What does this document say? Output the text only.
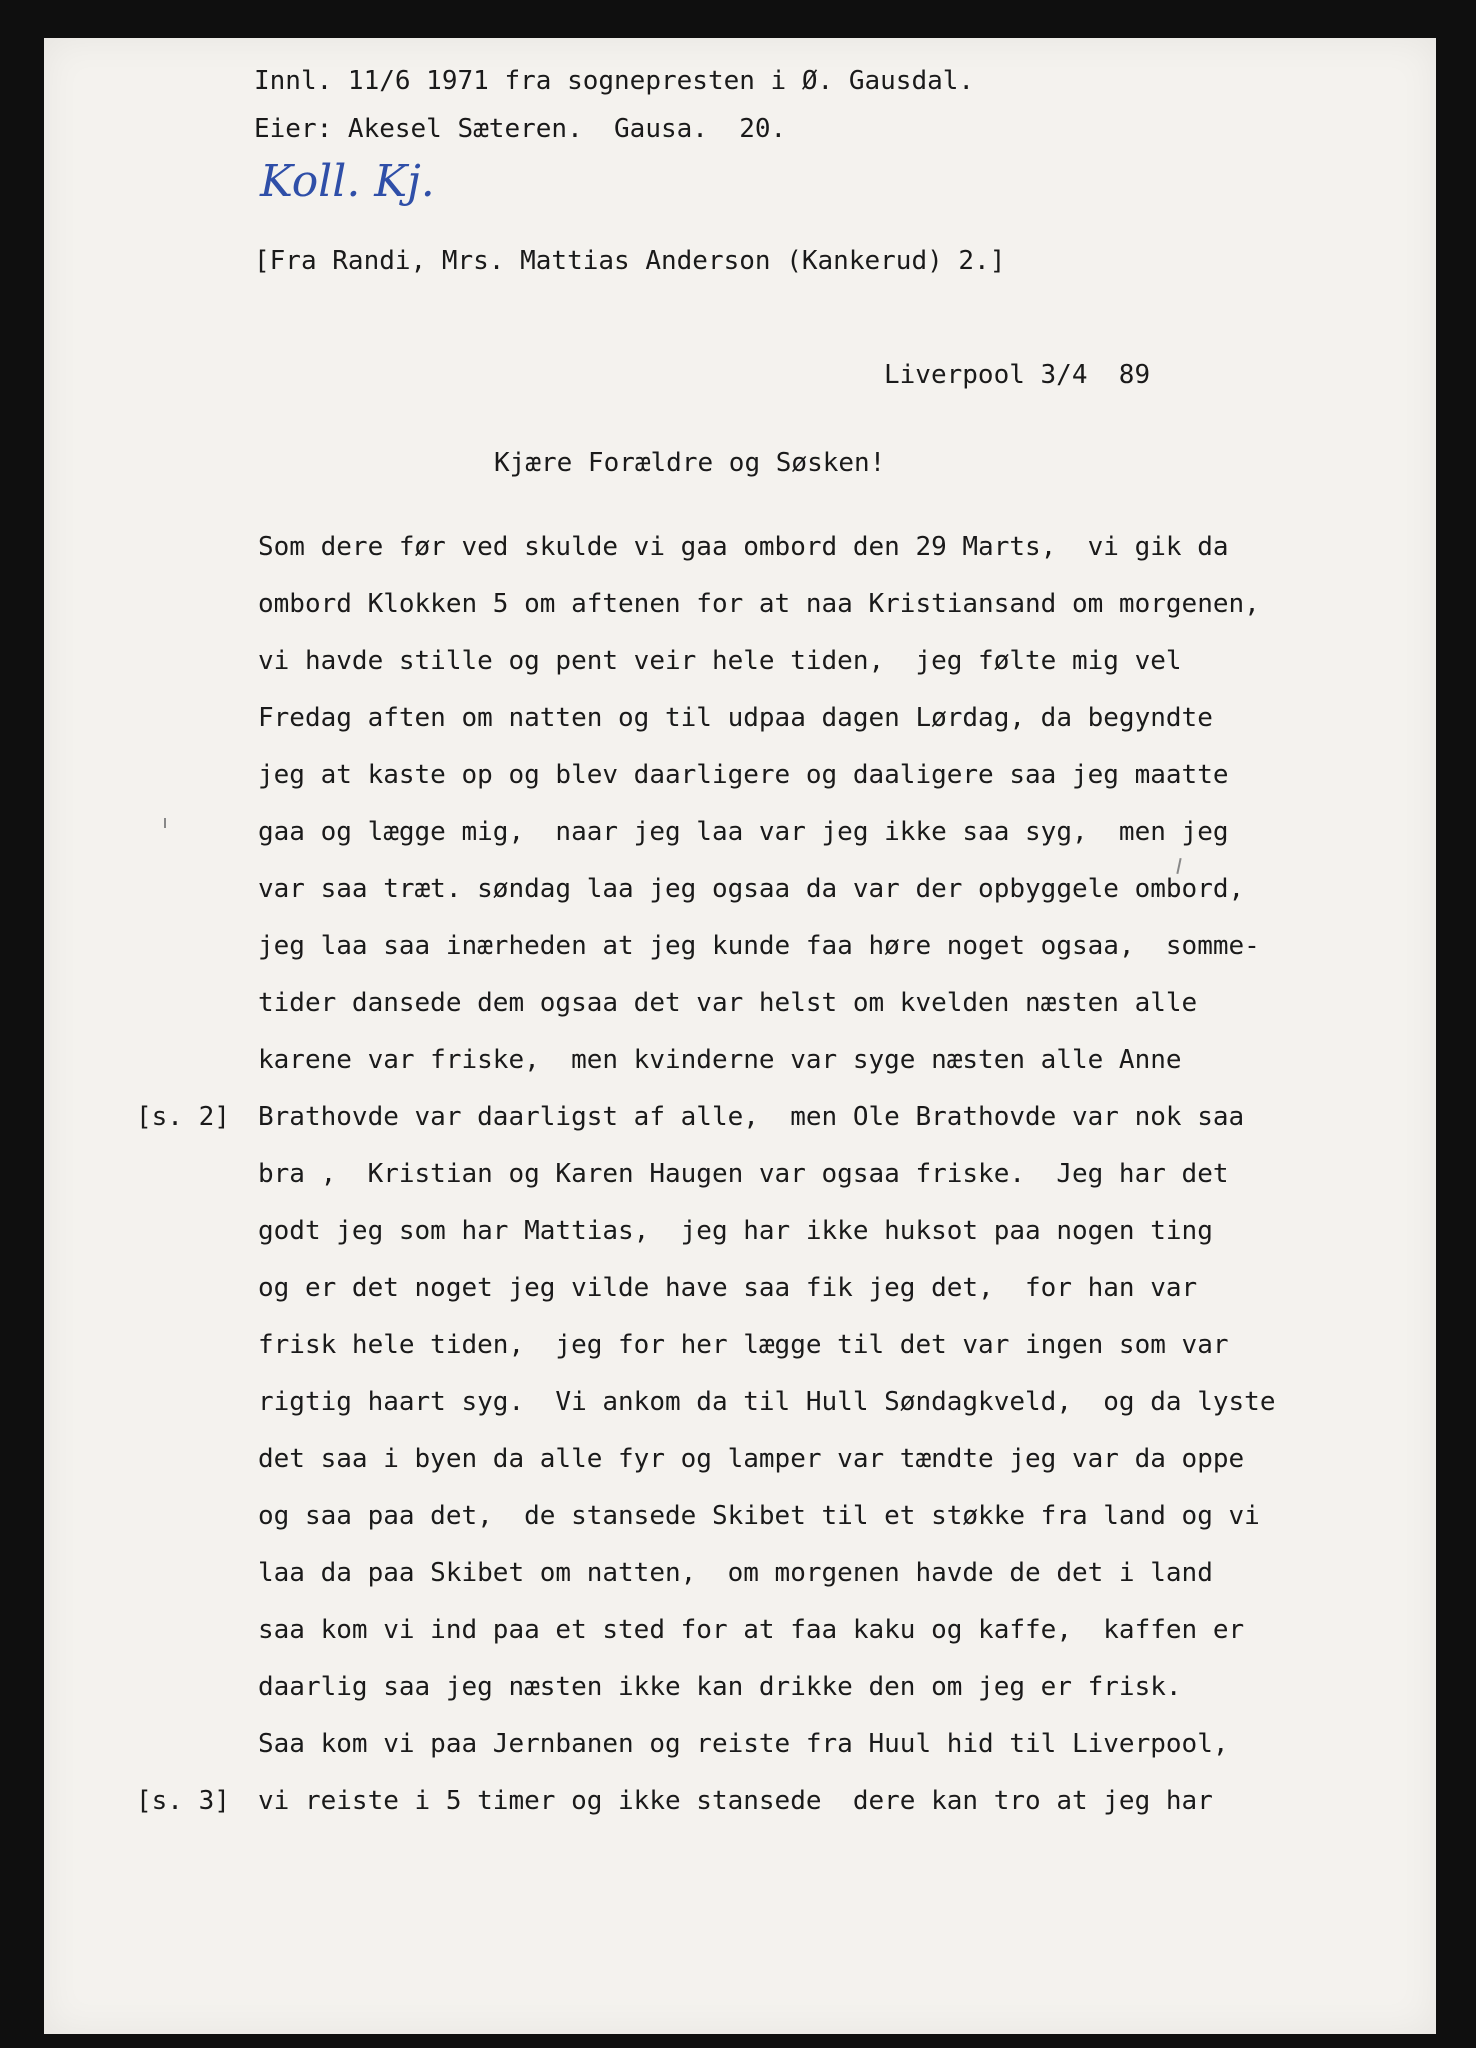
Innl. 11/6 1971 fra sognepresten i Ø. Gausdal.
Eier: Akesel Sæteren.  Gausa.  20.
Koll. Kj.
[Fra Randi, Mrs. Mattias Anderson (Kankerud) 2.]
Liverpool 3/4  89
Kjære Forældre og Søsken!

Som dere før ved skulde vi gaa ombord den 29 Marts,  vi gik da

ombord Klokken 5 om aftenen for at naa Kristiansand om morgenen,

vi havde stille og pent veir hele tiden,  jeg følte mig vel

Fredag aften om natten og til udpaa dagen Lørdag, da begyndte

jeg at kaste op og blev daarligere og daaligere saa jeg maatte

gaa og lægge mig,  naar jeg laa var jeg ikke saa syg,  men jeg

var saa træt. søndag laa jeg ogsaa da var der opbyggele ombord,

jeg laa saa inærheden at jeg kunde faa høre noget ogsaa,  somme-

tider dansede dem ogsaa det var helst om kvelden næsten alle

karene var friske,  men kvinderne var syge næsten alle Anne

Brathovde var daarligst af alle,  men Ole Brathovde var nok saa

bra ,  Kristian og Karen Haugen var ogsaa friske.  Jeg har det

godt jeg som har Mattias,  jeg har ikke huksot paa nogen ting

og er det noget jeg vilde have saa fik jeg det,  for han var

frisk hele tiden,  jeg for her lægge til det var ingen som var

rigtig haart syg.  Vi ankom da til Hull Søndagkveld,  og da lyste

det saa i byen da alle fyr og lamper var tændte jeg var da oppe

og saa paa det,  de stansede Skibet til et støkke fra land og vi

laa da paa Skibet om natten,  om morgenen havde de det i land

saa kom vi ind paa et sted for at faa kaku og kaffe,  kaffen er

daarlig saa jeg næsten ikke kan drikke den om jeg er frisk.

Saa kom vi paa Jernbanen og reiste fra Huul hid til Liverpool,

vi reiste i 5 timer og ikke stansede  dere kan tro at jeg har

[s. 2]

[s. 3]
